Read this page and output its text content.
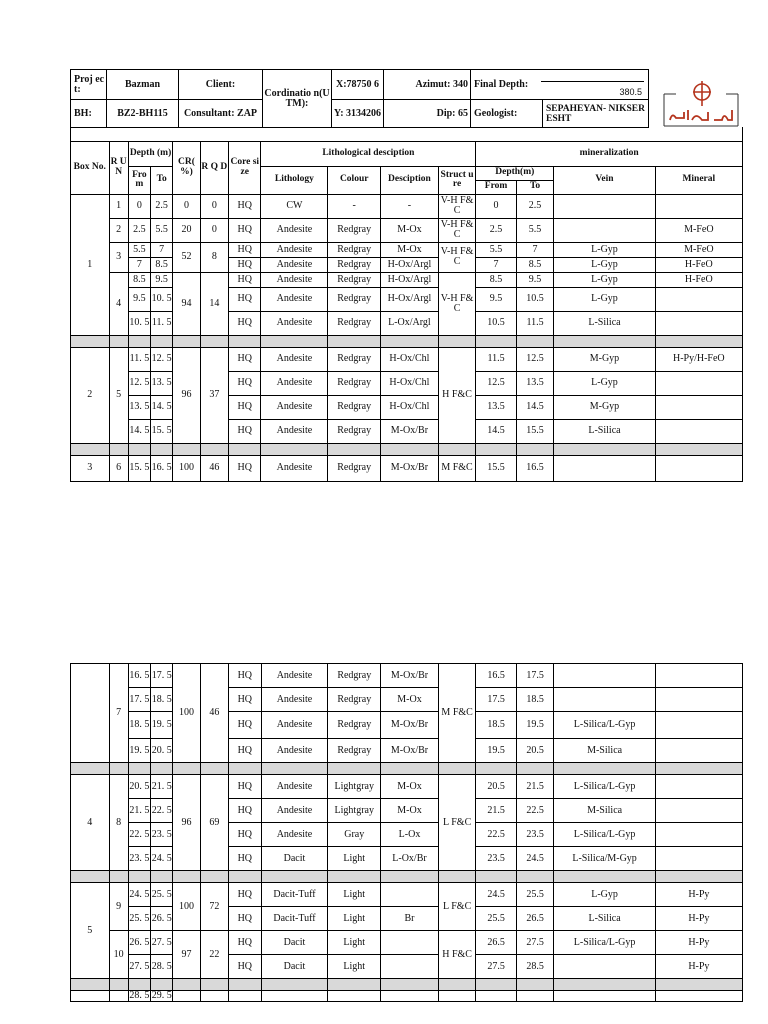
Proj ect:	Bazman	Client:	Cordinatio n(UTM):	X:78750 6	Azimut: 340	Final Depth:
380.5		

BH:	BZ2-BH115	Consultant: ZAP		Y: 3134206	Dip: 65	Geologist:	SEPAHEYAN- NIKSERESHT	

Box No.	R U N	Depth (m)		CR( %)	R Q D	Core size	Lithological desciption				mineralization			
		Fro m	To				Lithology	Colour	Desciption	Struct ure	Depth(m)		Vein	Mineral
											From	To		
1	1	0	2.5	0	0	HQ	CW	-	-	V-H F&C	0	2.5		
	2	2.5	5.5	20	0	HQ	Andesite	Redgray	M-Ox	V-H F&C	2.5	5.5		M-FeO
	3	5.5	7	52	8	HQ	Andesite	Redgray	M-Ox	V-H F&C	5.5	7	L-Gyp	M-FeO
		7	8.5			HQ	Andesite	Redgray	H-Ox/Argl		7	8.5	L-Gyp	H-FeO
	4	8.5	9.5	94	14	HQ	Andesite	Redgray	H-Ox/Argl	V-H F&C	8.5	9.5	L-Gyp	H-FeO
		9.5	10. 5			HQ	Andesite	Redgray	H-Ox/Argl		9.5	10.5	L-Gyp	
		10. 5	11. 5			HQ	Andesite	Redgray	L-Ox/Argl		10.5	11.5	L-Silica	

2	5	11. 5	12. 5	96	37	HQ	Andesite	Redgray	H-Ox/Chl	H F&C	11.5	12.5	M-Gyp	H-Py/H-FeO
		12. 5	13. 5			HQ	Andesite	Redgray	H-Ox/Chl		12.5	13.5	L-Gyp	
		13. 5	14. 5			HQ	Andesite	Redgray	H-Ox/Chl		13.5	14.5	M-Gyp	
		14. 5	15. 5			HQ	Andesite	Redgray	M-Ox/Br		14.5	15.5	L-Silica	

3	6	15. 5	16. 5	100	46	HQ	Andesite	Redgray	M-Ox/Br	M F&C	15.5	16.5		
	7	16. 5	17. 5	100	46	HQ	Andesite	Redgray	M-Ox/Br	M F&C	16.5	17.5		
		17. 5	18. 5			HQ	Andesite	Redgray	M-Ox		17.5	18.5		
		18. 5	19. 5			HQ	Andesite	Redgray	M-Ox/Br		18.5	19.5	L-Silica/L-Gyp	
		19. 5	20. 5			HQ	Andesite	Redgray	M-Ox/Br		19.5	20.5	M-Silica	

4	8	20. 5	21. 5	96	69	HQ	Andesite	Lightgray	M-Ox	L F&C	20.5	21.5	L-Silica/L-Gyp	
		21. 5	22. 5			HQ	Andesite	Lightgray	M-Ox		21.5	22.5	M-Silica	
		22. 5	23. 5			HQ	Andesite	Gray	L-Ox		22.5	23.5	L-Silica/L-Gyp	
		23. 5	24. 5			HQ	Dacit	Light	L-Ox/Br		23.5	24.5	L-Silica/M-Gyp	

5	9	24. 5	25. 5	100	72	HQ	Dacit-Tuff	Light		L F&C	24.5	25.5	L-Gyp	H-Py
		25. 5	26. 5			HQ	Dacit-Tuff	Light	Br		25.5	26.5	L-Silica	H-Py
	10	26. 5	27. 5	97	22	HQ	Dacit	Light		H F&C	26.5	27.5	L-Silica/L-Gyp	H-Py
		27. 5	28. 5			HQ	Dacit	Light			27.5	28.5		H-Py

		28. 5	29. 5											
